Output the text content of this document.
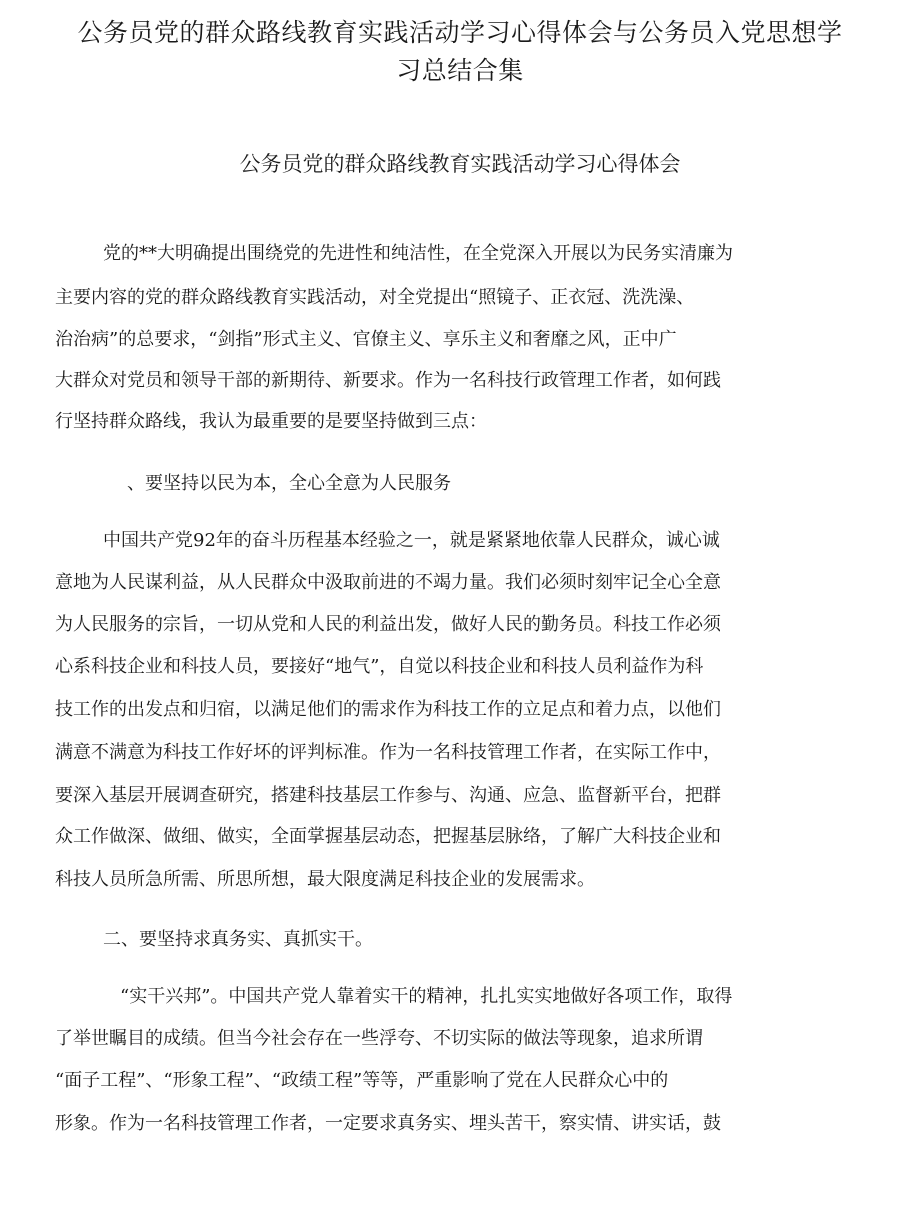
公务员党的群众路线教育实践活动学习心得体会与公务员入党思想学
习总结合集
公务员党的群众路线教育实践活动学习心得体会

党的**大明确提出围绕党的先进性和纯洁性，在全党深入开展以为民务实清廉为

主要内容的党的群众路线教育实践活动，对全党提出“照镜子、正衣冠、洗洗澡、

治治病”的总要求，“剑指”形式主义、官僚主义、享乐主义和奢靡之风，正中广

大群众对党员和领导干部的新期待、新要求。作为一名科技行政管理工作者，如何践

行坚持群众路线，我认为最重要的是要坚持做到三点：

、要坚持以民为本，全心全意为人民服务

中国共产党92年的奋斗历程基本经验之一，就是紧紧地依靠人民群众，诚心诚

意地为人民谋利益，从人民群众中汲取前进的不竭力量。我们必须时刻牢记全心全意

为人民服务的宗旨，一切从党和人民的利益出发，做好人民的勤务员。科技工作必须

心系科技企业和科技人员，要接好“地气”，自觉以科技企业和科技人员利益作为科

技工作的出发点和归宿，以满足他们的需求作为科技工作的立足点和着力点，以他们

满意不满意为科技工作好坏的评判标准。作为一名科技管理工作者，在实际工作中，

要深入基层开展调查研究，搭建科技基层工作参与、沟通、应急、监督新平台，把群

众工作做深、做细、做实，全面掌握基层动态，把握基层脉络，了解广大科技企业和

科技人员所急所需、所思所想，最大限度满足科技企业的发展需求。

二、要坚持求真务实、真抓实干。

“实干兴邦”。中国共产党人靠着实干的精神，扎扎实实地做好各项工作，取得

了举世瞩目的成绩。但当今社会存在一些浮夸、不切实际的做法等现象，追求所谓

“面子工程”、“形象工程”、“政绩工程”等等，严重影响了党在人民群众心中的

形象。作为一名科技管理工作者，一定要求真务实、埋头苦干，察实情、讲实话，鼓
